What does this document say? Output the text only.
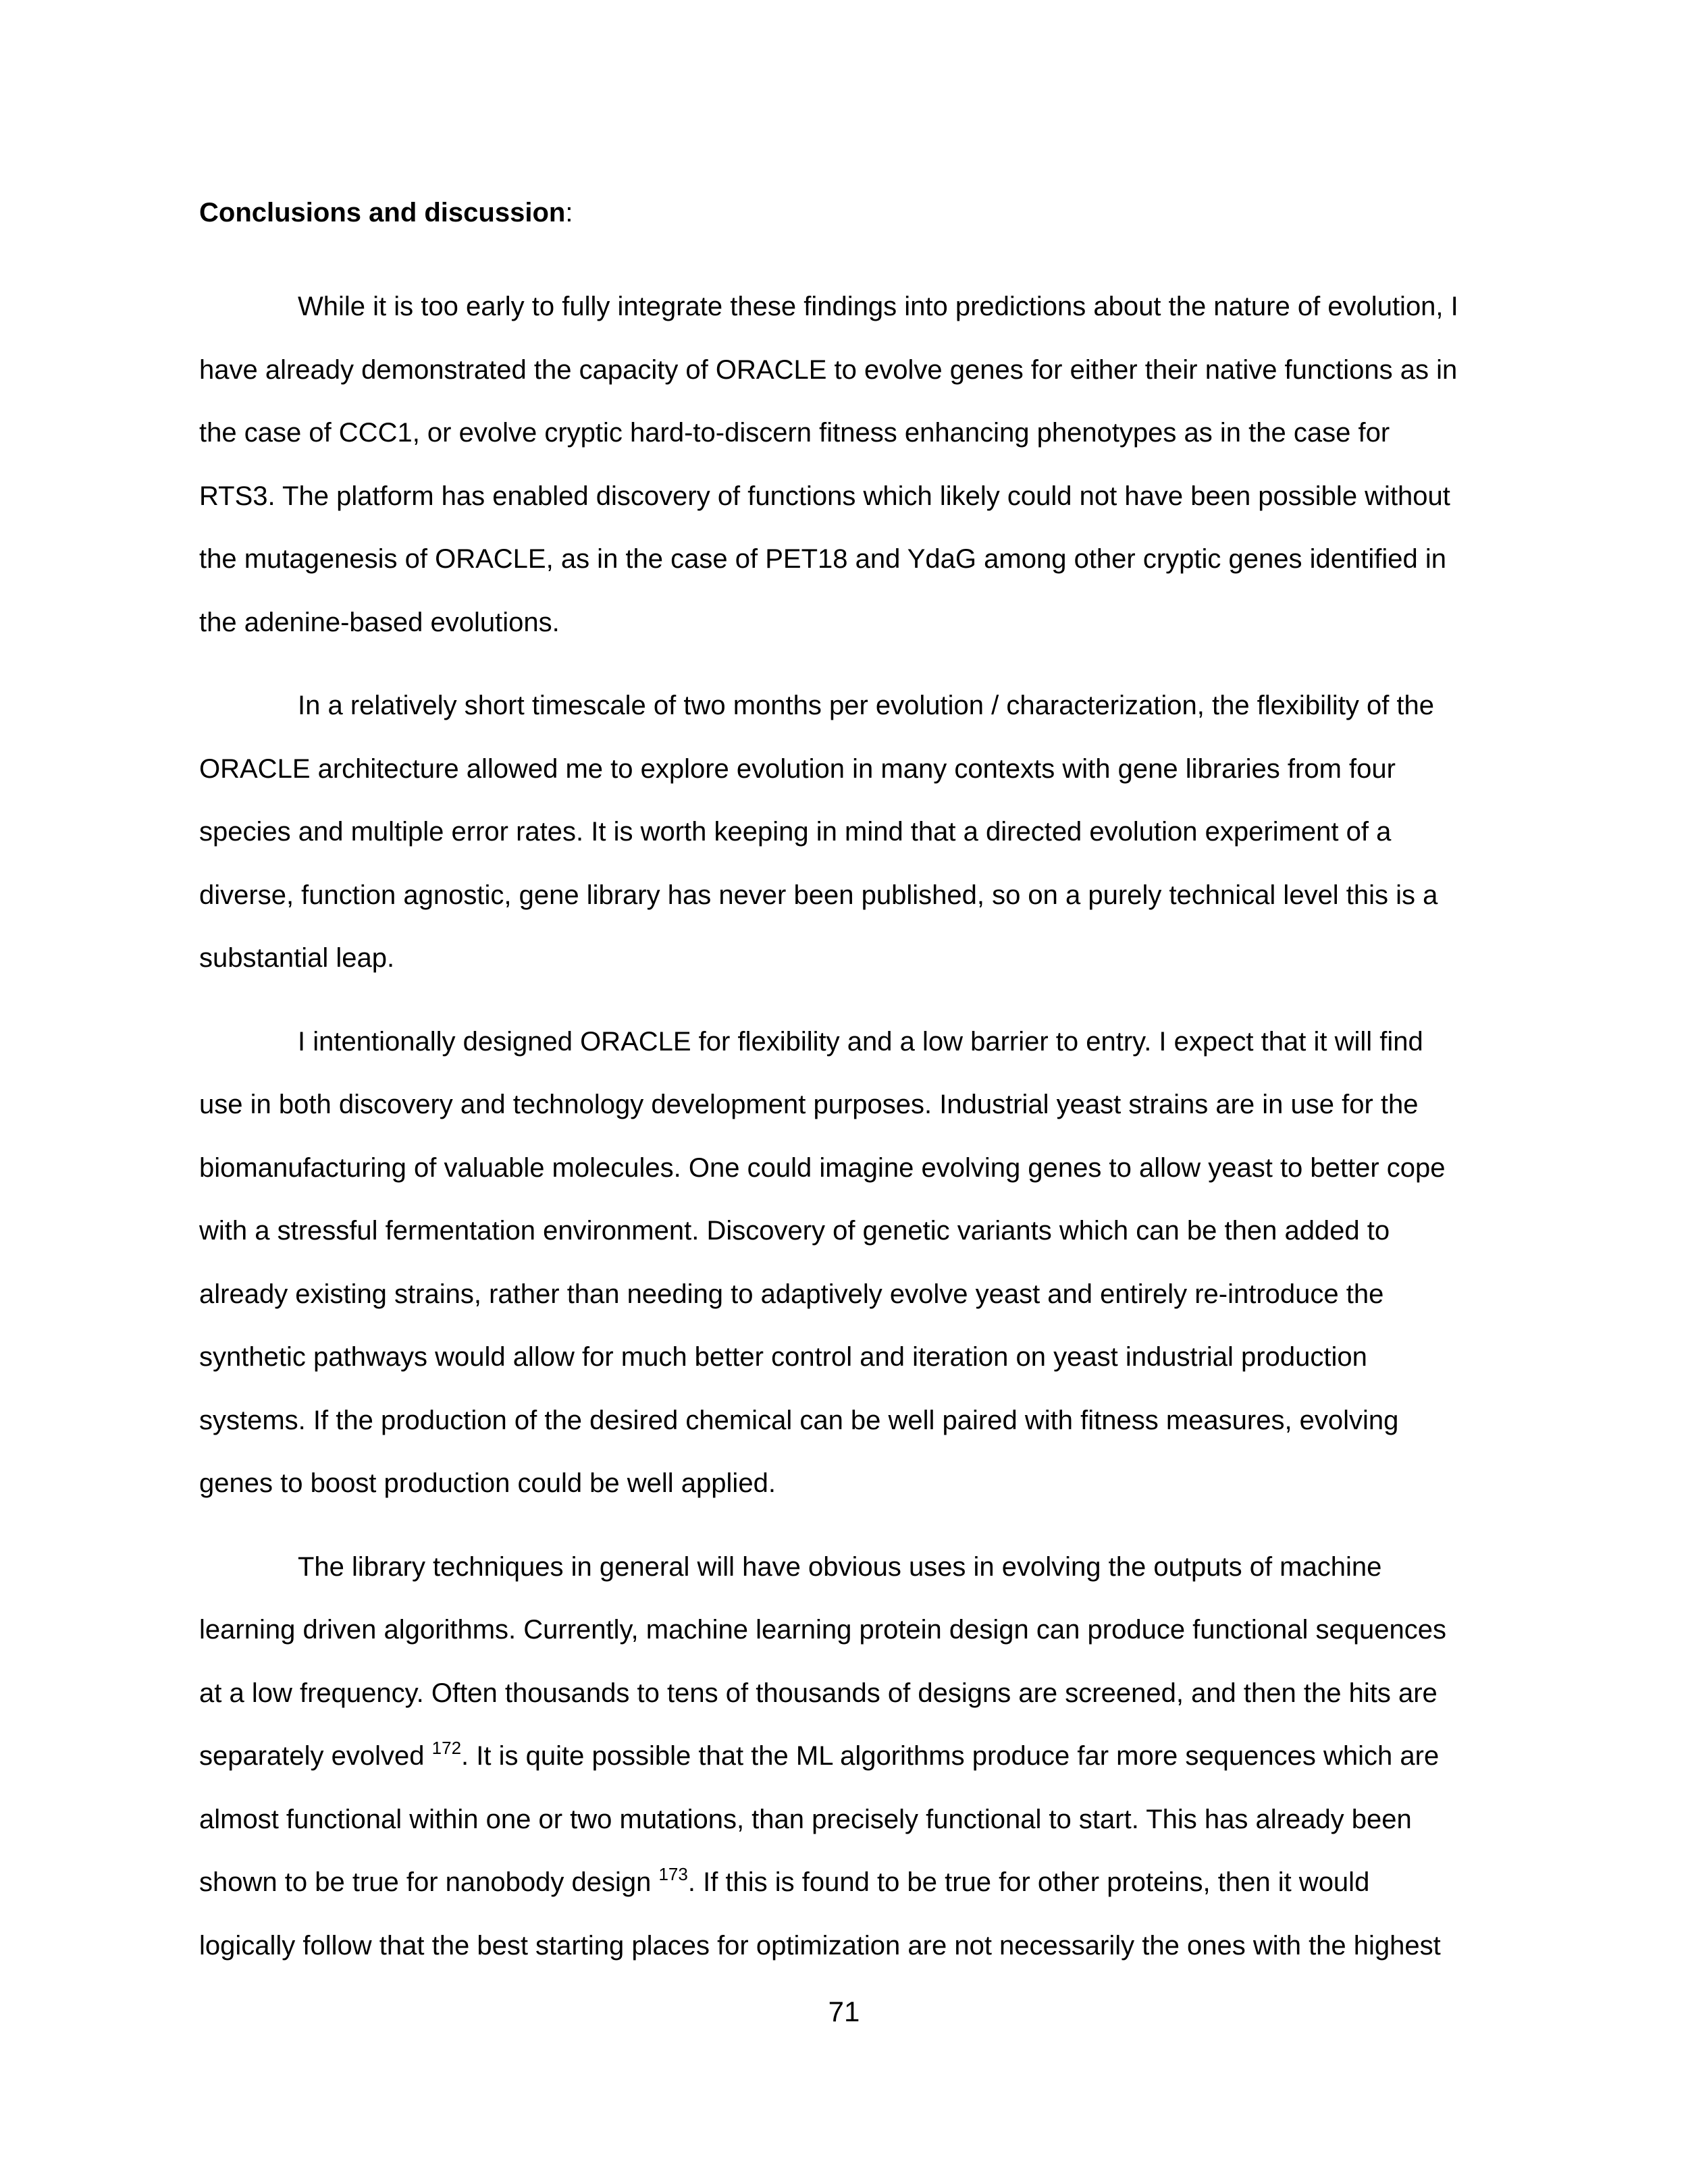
Conclusions and discussion:

While it is too early to fully integrate these findings into predictions about the nature of evolution, I
have already demonstrated the capacity of ORACLE to evolve genes for either their native functions as in
the case of CCC1, or evolve cryptic hard-to-discern fitness enhancing phenotypes as in the case for
RTS3. The platform has enabled discovery of functions which likely could not have been possible without
the mutagenesis of ORACLE, as in the case of PET18 and YdaG among other cryptic genes identified in
the adenine-based evolutions.

In a relatively short timescale of two months per evolution / characterization, the flexibility of the
ORACLE architecture allowed me to explore evolution in many contexts with gene libraries from four
species and multiple error rates. It is worth keeping in mind that a directed evolution experiment of a
diverse, function agnostic, gene library has never been published, so on a purely technical level this is a
substantial leap.

I intentionally designed ORACLE for flexibility and a low barrier to entry. I expect that it will find
use in both discovery and technology development purposes. Industrial yeast strains are in use for the
biomanufacturing of valuable molecules. One could imagine evolving genes to allow yeast to better cope
with a stressful fermentation environment. Discovery of genetic variants which can be then added to
already existing strains, rather than needing to adaptively evolve yeast and entirely re-introduce the
synthetic pathways would allow for much better control and iteration on yeast industrial production
systems. If the production of the desired chemical can be well paired with fitness measures, evolving
genes to boost production could be well applied.

The library techniques in general will have obvious uses in evolving the outputs of machine
learning driven algorithms. Currently, machine learning protein design can produce functional sequences
at a low frequency. Often thousands to tens of thousands of designs are screened, and then the hits are
separately evolved $^{172}$. It is quite possible that the ML algorithms produce far more sequences which are
almost functional within one or two mutations, than precisely functional to start. This has already been
shown to be true for nanobody design $^{173}$. If this is found to be true for other proteins, then it would
logically follow that the best starting places for optimization are not necessarily the ones with the highest

71
